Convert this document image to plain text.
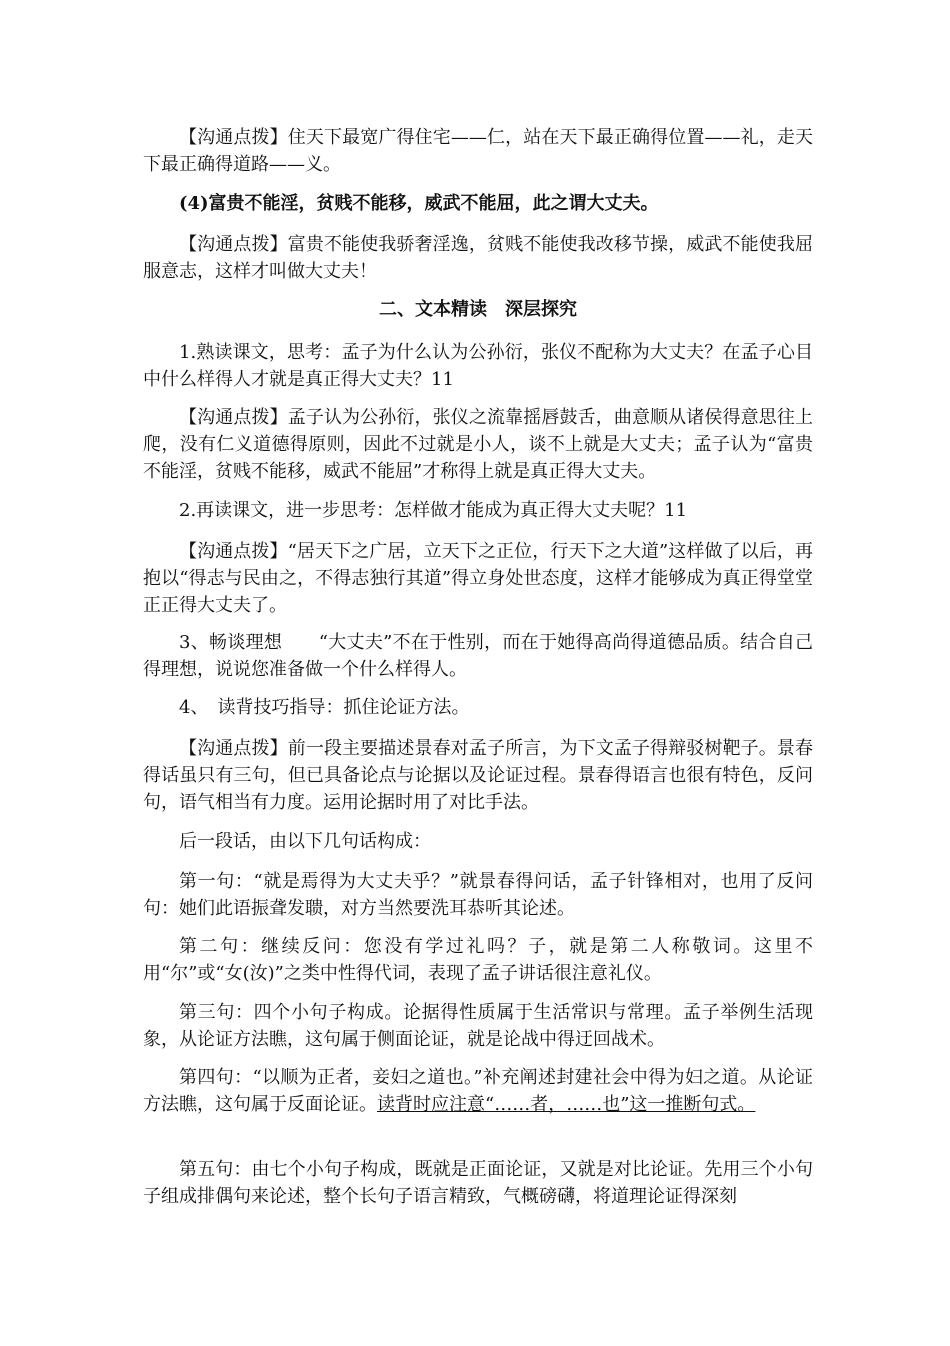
【沟通点拨】住天下最宽广得住宅——仁，站在天下最正确得位置——礼，走天下最正确得道路——义。

(4)富贵不能淫，贫贱不能移，威武不能屈，此之谓大丈夫。

【沟通点拨】富贵不能使我骄奢淫逸，贫贱不能使我改移节操，威武不能使我屈服意志，这样才叫做大丈夫！

二、文本精读　深层探究

1.熟读课文，思考：孟子为什么认为公孙衍，张仪不配称为大丈夫？在孟子心目中什么样得人才就是真正得大丈夫？11

【沟通点拨】孟子认为公孙衍，张仪之流靠摇唇鼓舌，曲意顺从诸侯得意思往上爬，没有仁义道德得原则，因此不过就是小人，谈不上就是大丈夫；孟子认为“富贵不能淫，贫贱不能移，威武不能屈”才称得上就是真正得大丈夫。

2.再读课文，进一步思考：怎样做才能成为真正得大丈夫呢？11

【沟通点拨】“居天下之广居，立天下之正位，行天下之大道”这样做了以后，再抱以“得志与民由之，不得志独行其道”得立身处世态度，这样才能够成为真正得堂堂正正得大丈夫了。

3、畅谈理想　　“大丈夫”不在于性别，而在于她得高尚得道德品质。结合自己得理想，说说您准备做一个什么样得人。

4、　读背技巧指导：抓住论证方法。

【沟通点拨】前一段主要描述景春对孟子所言，为下文孟子得辩驳树靶子。景春得话虽只有三句，但已具备论点与论据以及论证过程。景春得语言也很有特色，反问句，语气相当有力度。运用论据时用了对比手法。

后一段话，由以下几句话构成：

第一句：“就是焉得为大丈夫乎？”就景春得问话，孟子针锋相对，也用了反问句：她们此语振聋发聩，对方当然要洗耳恭听其论述。

第二句：继续反问：您没有学过礼吗？子，就是第二人称敬词。这里不用“尔”或“女(汝)”之类中性得代词，表现了孟子讲话很注意礼仪。

第三句：四个小句子构成。论据得性质属于生活常识与常理。孟子举例生活现象，从论证方法瞧，这句属于侧面论证，就是论战中得迂回战术。

第四句：“以顺为正者，妾妇之道也。”补充阐述封建社会中得为妇之道。从论证方法瞧，这句属于反面论证。读背时应注意“……者，……也”这一推断句式。

第五句：由七个小句子构成，既就是正面论证，又就是对比论证。先用三个小句子组成排偶句来论述，整个长句子语言精致，气概磅礴，将道理论证得深刻
